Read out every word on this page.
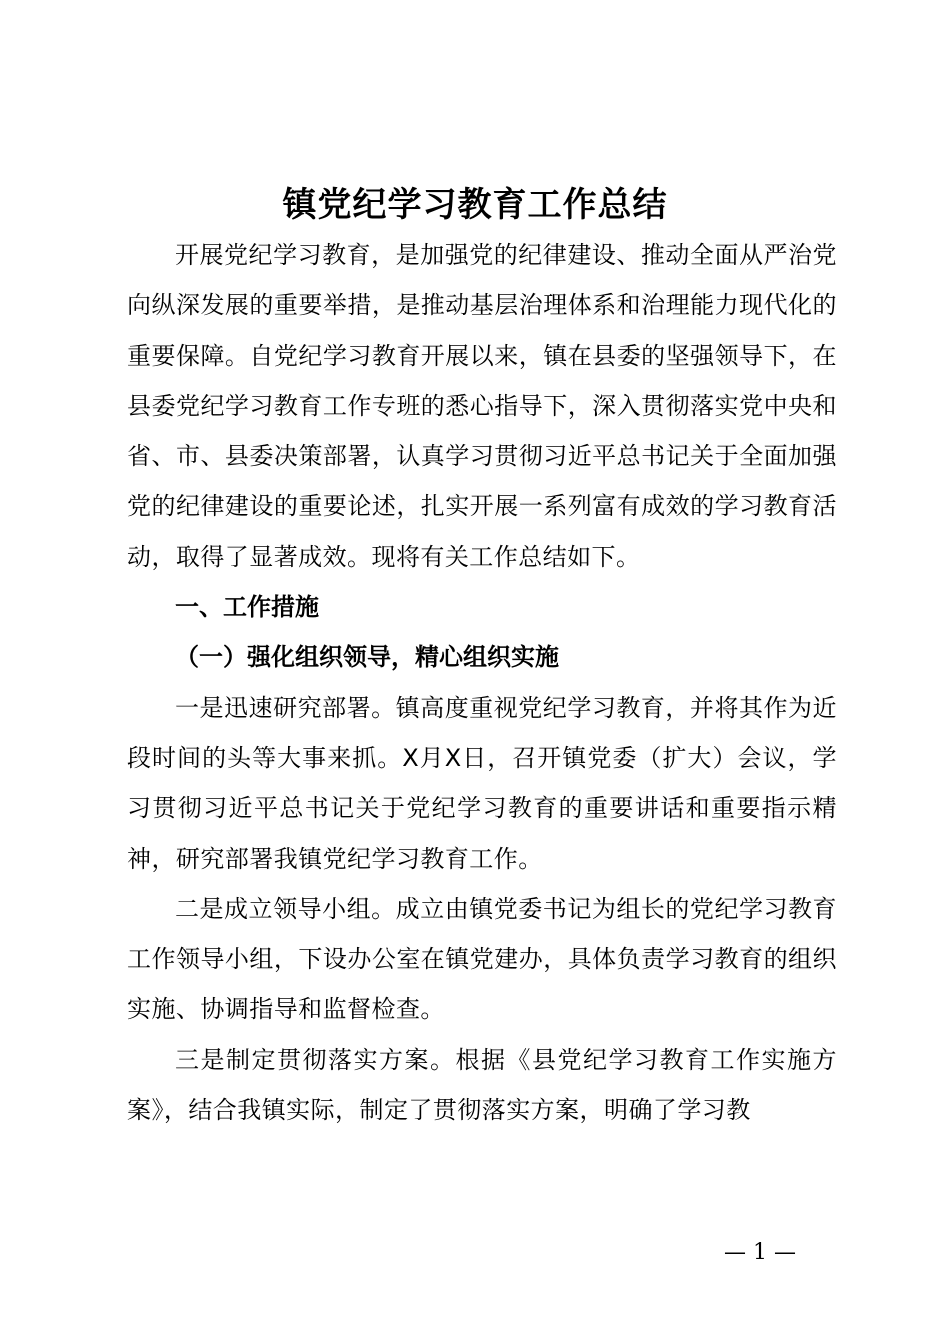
镇党纪学习教育工作总结

开展党纪学习教育，是加强党的纪律建设、推动全面从严治党向纵深发展的重要举措，是推动基层治理体系和治理能力现代化的重要保障。自党纪学习教育开展以来，镇在县委的坚强领导下，在县委党纪学习教育工作专班的悉心指导下，深入贯彻落实党中央和省、市、县委决策部署，认真学习贯彻习近平总书记关于全面加强党的纪律建设的重要论述，扎实开展一系列富有成效的学习教育活动，取得了显著成效。现将有关工作总结如下。

一、工作措施

（一）强化组织领导，精心组织实施

一是迅速研究部署。镇高度重视党纪学习教育，并将其作为近段时间的头等大事来抓。X月X日，召开镇党委（扩大）会议，学习贯彻习近平总书记关于党纪学习教育的重要讲话和重要指示精神，研究部署我镇党纪学习教育工作。

二是成立领导小组。成立由镇党委书记为组长的党纪学习教育工作领导小组，下设办公室在镇党建办，具体负责学习教育的组织实施、协调指导和监督检查。

三是制定贯彻落实方案。根据《县党纪学习教育工作实施方案》，结合我镇实际，制定了贯彻落实方案，明确了学习教

— 1 —
